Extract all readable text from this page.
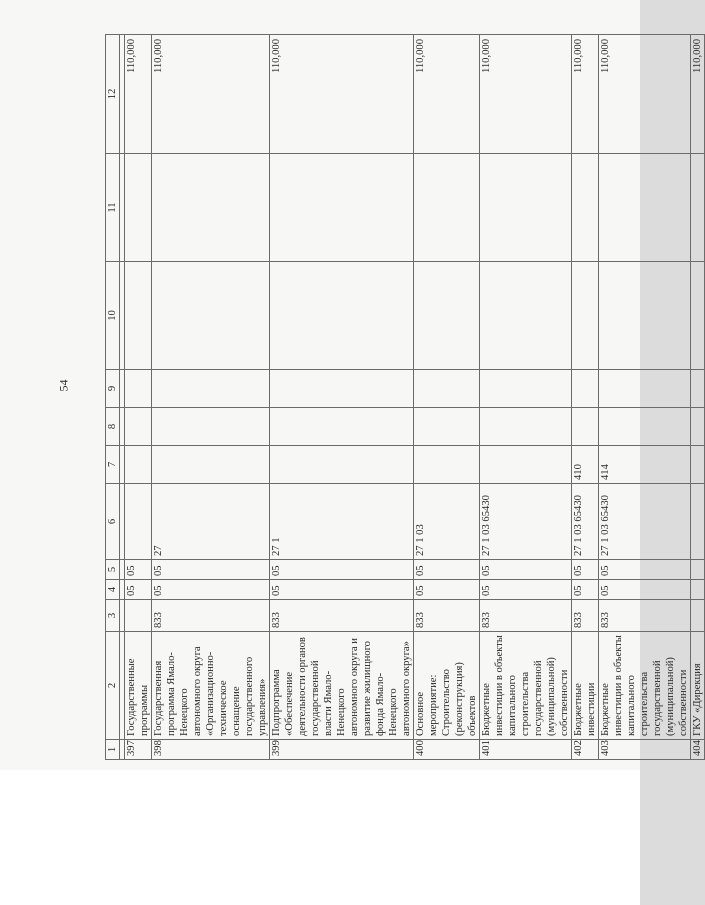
54
1	2	3	4	5	6	7	8	9	10	11	12

397	Государственные программы		05	05							110,000
398	Государственная программа Ямало-Ненецкого автономного округа «Организационно-техническое оснащение государственного управления»	833	05	05	27						110,000
399	Подпрограмма «Обеспечение деятельности органов государственной власти Ямало-Ненецкого автономного округа и развитие жилищного фонда Ямало-Ненецкого автономного округа»	833	05	05	27 1						110,000
400	Основное мероприятие: Строительство (реконструкция) объектов	833	05	05	27 1 03						110,000
401	Бюджетные инвестиции в объекты капитального строительства государственной (муниципальной) собственности	833	05	05	27 1 03 65430						110,000
402	Бюджетные инвестиции	833	05	05	27 1 03 65430	410					110,000
403	Бюджетные инвестиции в объекты капитального строительства государственной (муниципальной) собственности	833	05	05	27 1 03 65430	414					110,000
404	ГКУ «Дирекция										110,000
